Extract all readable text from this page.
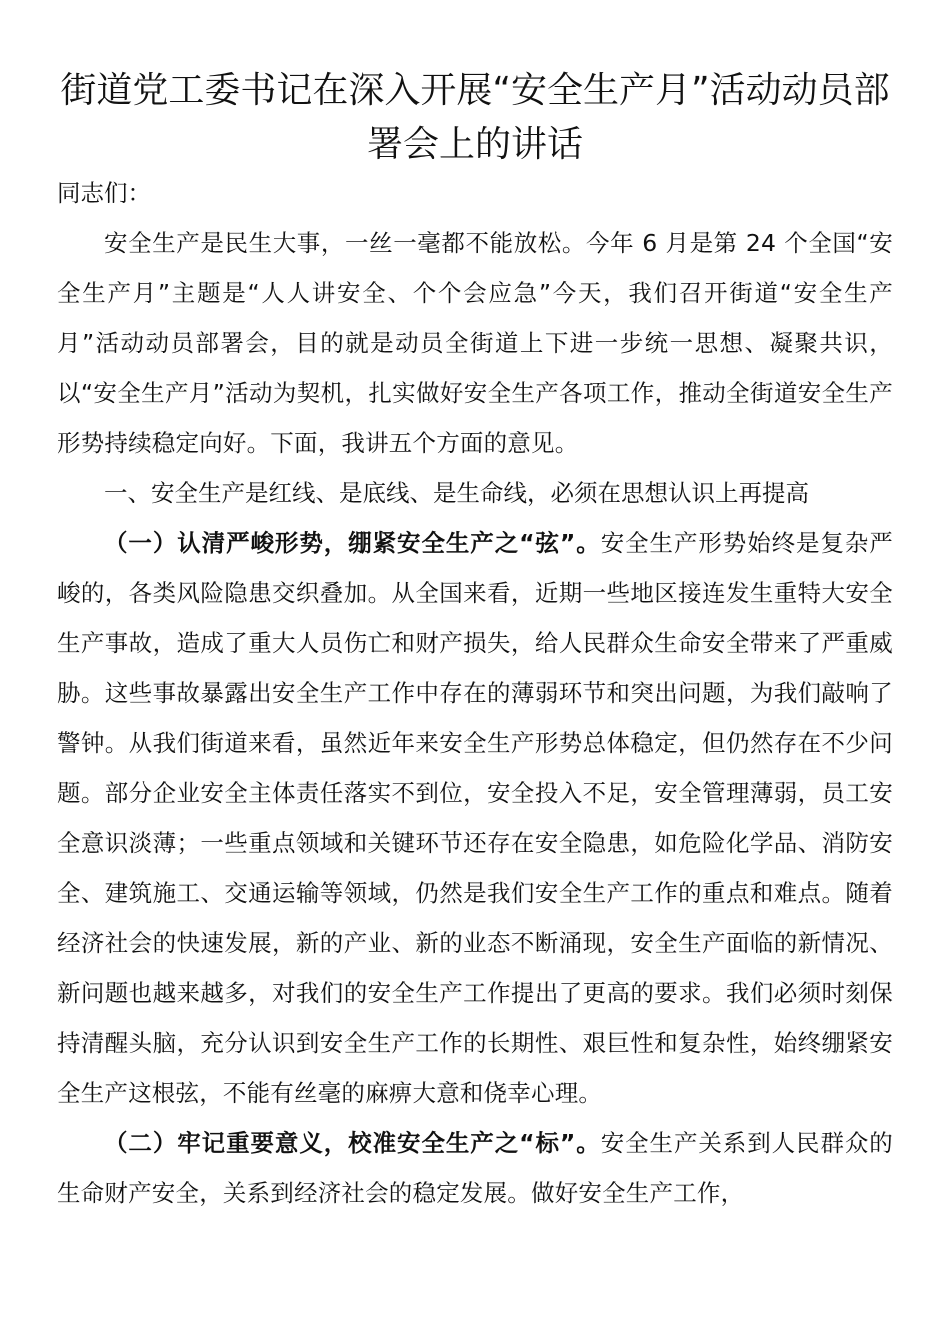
街道党工委书记在深入开展“安全生产月”活动动员部署会上的讲话

同志们：

安全生产是民生大事，一丝一毫都不能放松。今年 6 月是第 24 个全国“安全生产月”主题是“人人讲安全、个个会应急”今天，我们召开街道“安全生产月”活动动员部署会，目的就是动员全街道上下进一步统一思想、凝聚共识，以“安全生产月”活动为契机，扎实做好安全生产各项工作，推动全街道安全生产形势持续稳定向好。下面，我讲五个方面的意见。

一、安全生产是红线、是底线、是生命线，必须在思想认识上再提高

（一）认清严峻形势，绷紧安全生产之“弦”。安全生产形势始终是复杂严峻的，各类风险隐患交织叠加。从全国来看，近期一些地区接连发生重特大安全生产事故，造成了重大人员伤亡和财产损失，给人民群众生命安全带来了严重威胁。这些事故暴露出安全生产工作中存在的薄弱环节和突出问题，为我们敲响了警钟。从我们街道来看，虽然近年来安全生产形势总体稳定，但仍然存在不少问题。部分企业安全主体责任落实不到位，安全投入不足，安全管理薄弱，员工安全意识淡薄；一些重点领域和关键环节还存在安全隐患，如危险化学品、消防安全、建筑施工、交通运输等领域，仍然是我们安全生产工作的重点和难点。随着经济社会的快速发展，新的产业、新的业态不断涌现，安全生产面临的新情况、新问题也越来越多，对我们的安全生产工作提出了更高的要求。我们必须时刻保持清醒头脑，充分认识到安全生产工作的长期性、艰巨性和复杂性，始终绷紧安全生产这根弦，不能有丝毫的麻痹大意和侥幸心理。

（二）牢记重要意义，校准安全生产之“标”。安全生产关系到人民群众的生命财产安全，关系到经济社会的稳定发展。做好安全生产工作，
